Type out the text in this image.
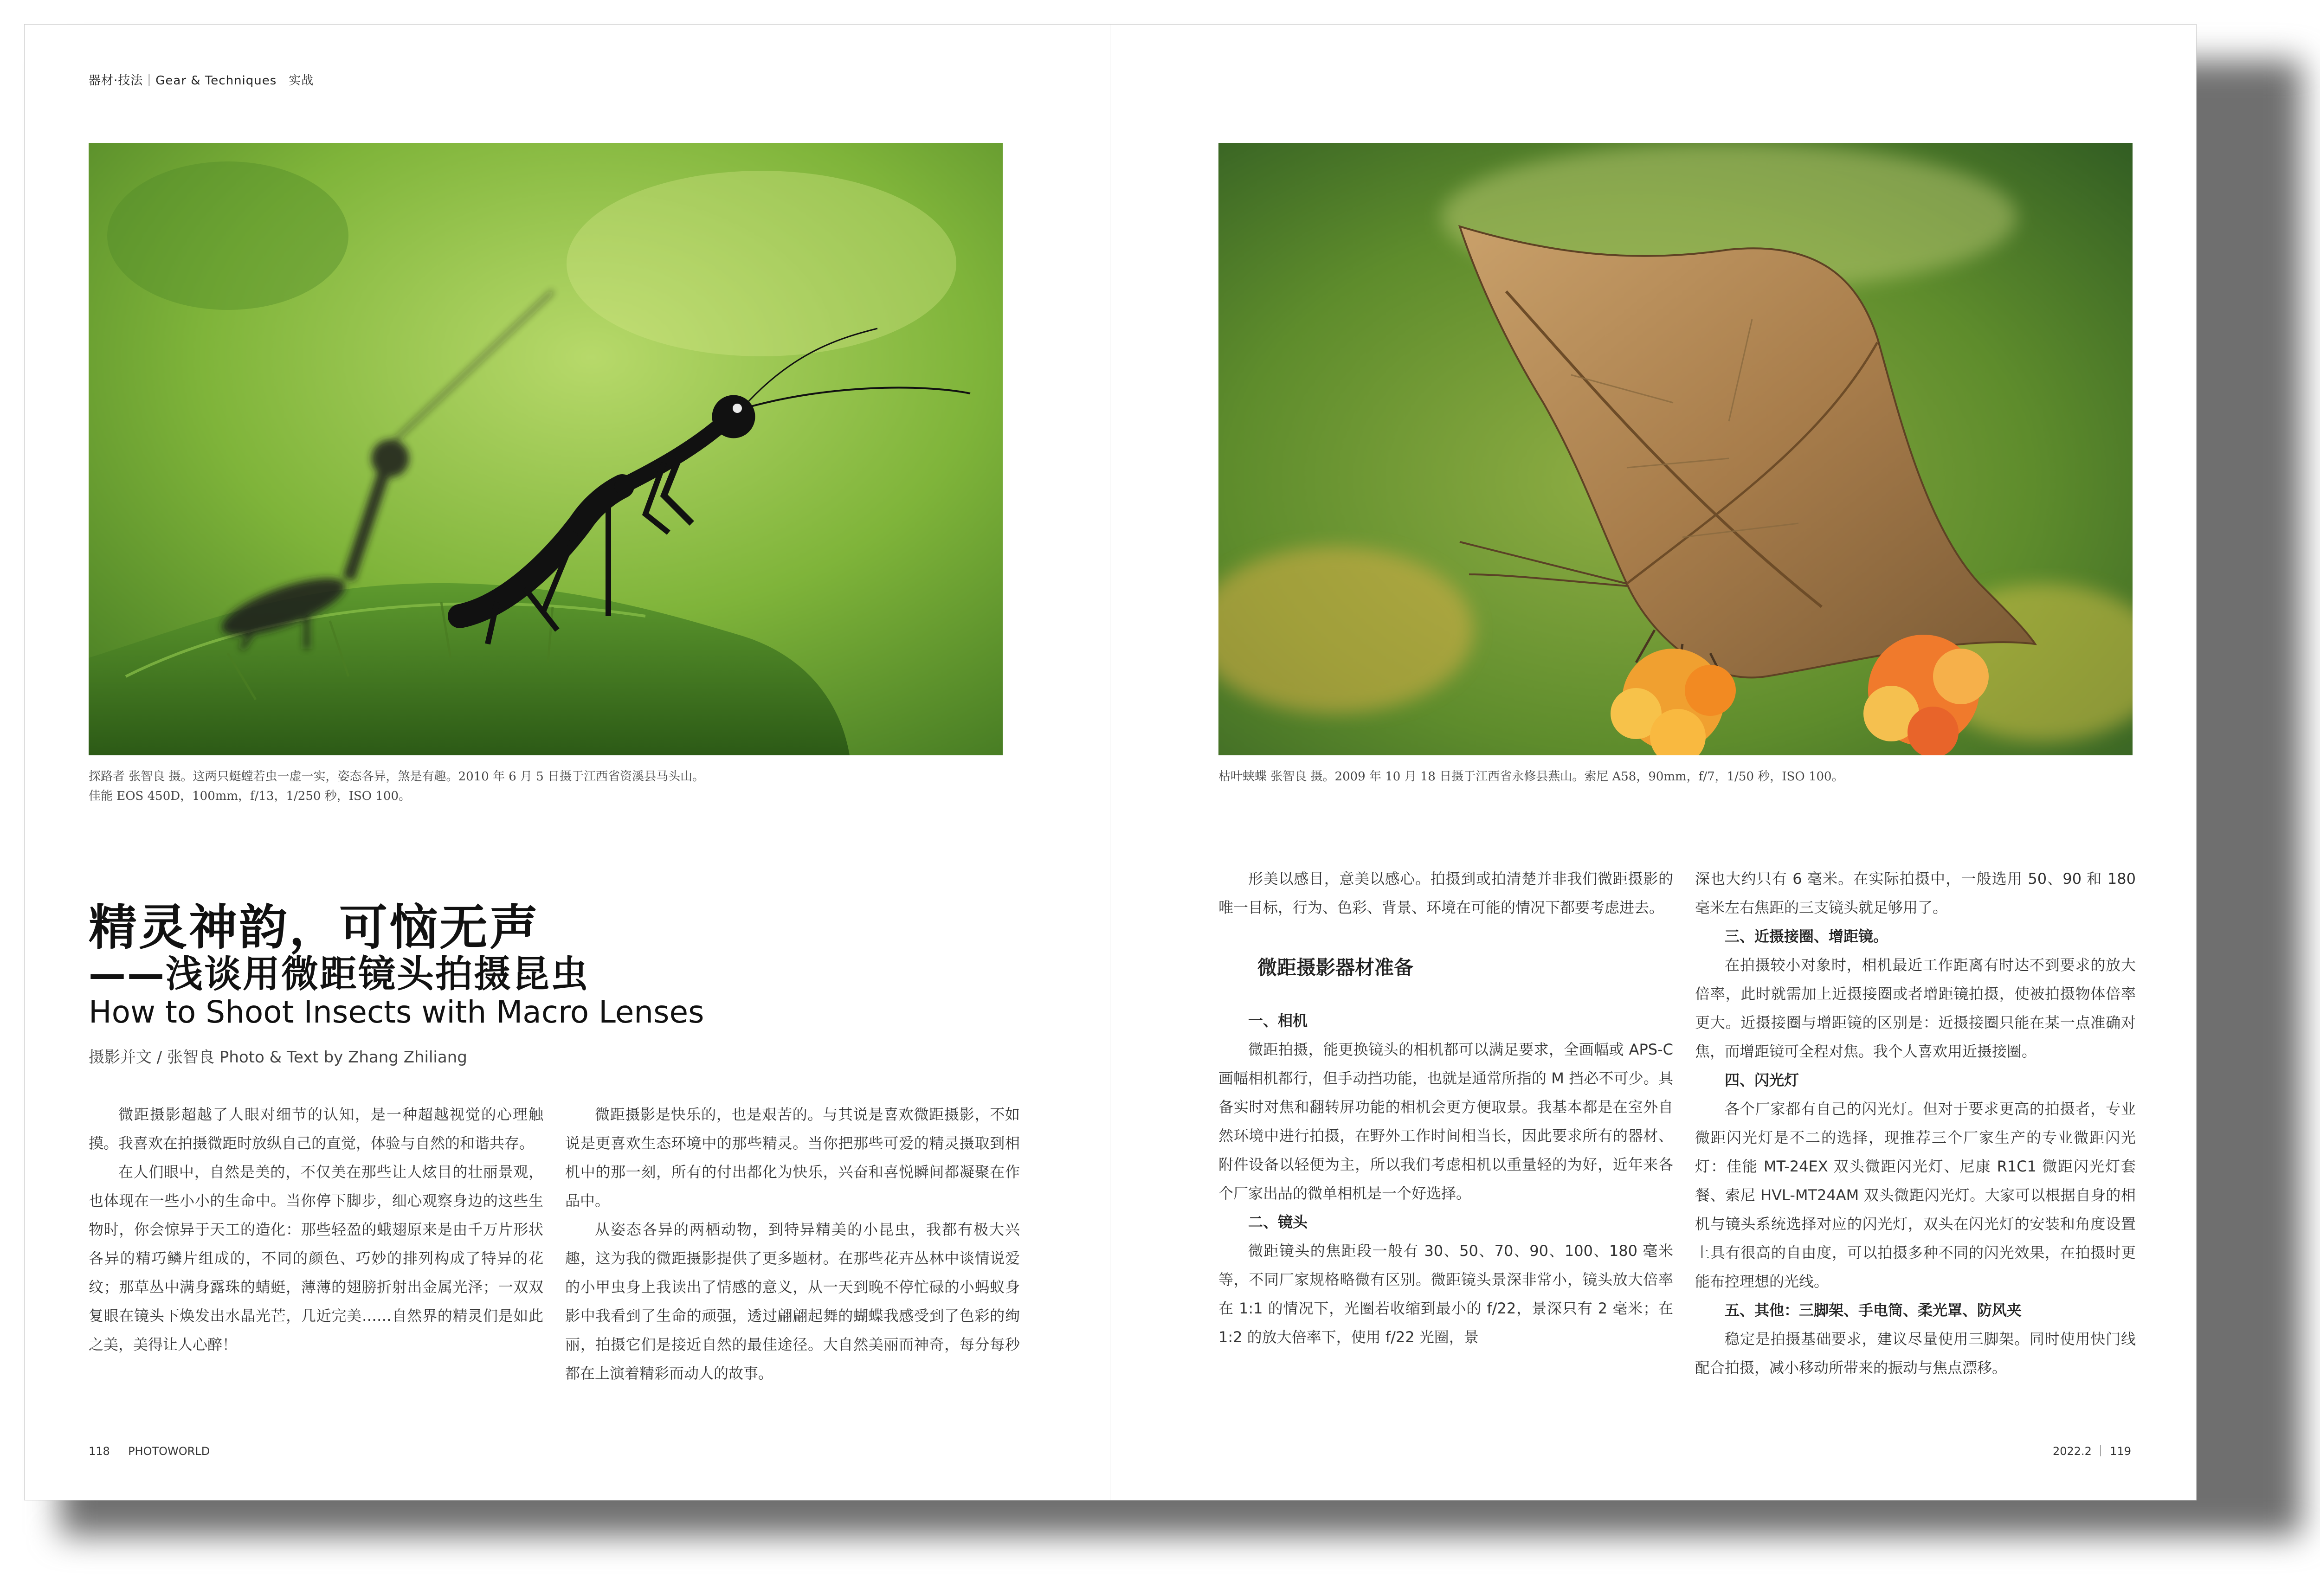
器材·技法｜Gear & Techniques 实战
探路者 张智良 摄。这两只蜓螳若虫一虚一实，姿态各异，煞是有趣。2010 年 6 月 5 日摄于江西省资溪县马头山。
佳能 EOS 450D，100mm，f/13，1/250 秒，ISO 100。
枯叶蛱蝶 张智良 摄。2009 年 10 月 18 日摄于江西省永修县燕山。索尼 A58，90mm，f/7，1/50 秒，ISO 100。
精灵神韵，可恼无声
——浅谈用微距镜头拍摄昆虫
How to Shoot Insects with Macro Lenses
摄影并文 / 张智良 Photo & Text by Zhang Zhiliang

微距摄影超越了人眼对细节的认知，是一种超越视觉的心理触摸。我喜欢在拍摄微距时放纵自己的直觉，体验与自然的和谐共存。

在人们眼中，自然是美的，不仅美在那些让人炫目的壮丽景观，也体现在一些小小的生命中。当你停下脚步，细心观察身边的这些生物时，你会惊异于天工的造化：那些轻盈的蛾翅原来是由千万片形状各异的精巧鳞片组成的，不同的颜色、巧妙的排列构成了特异的花纹；那草丛中满身露珠的蜻蜓，薄薄的翅膀折射出金属光泽；一双双复眼在镜头下焕发出水晶光芒，几近完美……自然界的精灵们是如此之美，美得让人心醉！

微距摄影是快乐的，也是艰苦的。与其说是喜欢微距摄影，不如说是更喜欢生态环境中的那些精灵。当你把那些可爱的精灵摄取到相机中的那一刻，所有的付出都化为快乐，兴奋和喜悦瞬间都凝聚在作品中。

从姿态各异的两栖动物，到特异精美的小昆虫，我都有极大兴趣，这为我的微距摄影提供了更多题材。在那些花卉丛林中谈情说爱的小甲虫身上我读出了情感的意义，从一天到晚不停忙碌的小蚂蚁身影中我看到了生命的顽强，透过翩翩起舞的蝴蝶我感受到了色彩的绚丽，拍摄它们是接近自然的最佳途径。大自然美丽而神奇，每分每秒都在上演着精彩而动人的故事。

形美以感目，意美以感心。拍摄到或拍清楚并非我们微距摄影的唯一目标，行为、色彩、背景、环境在可能的情况下都要考虑进去。

微距摄影器材准备

一、相机

微距拍摄，能更换镜头的相机都可以满足要求，全画幅或 APS-C 画幅相机都行，但手动挡功能，也就是通常所指的 M 挡必不可少。具备实时对焦和翻转屏功能的相机会更方便取景。我基本都是在室外自然环境中进行拍摄，在野外工作时间相当长，因此要求所有的器材、附件设备以轻便为主，所以我们考虑相机以重量轻的为好，近年来各个厂家出品的微单相机是一个好选择。

二、镜头

微距镜头的焦距段一般有 30、50、70、90、100、180 毫米等，不同厂家规格略微有区别。微距镜头景深非常小，镜头放大倍率在 1:1 的情况下，光圈若收缩到最小的 f/22，景深只有 2 毫米；在 1:2 的放大倍率下，使用 f/22 光圈，景

深也大约只有 6 毫米。在实际拍摄中，一般选用 50、90 和 180 毫米左右焦距的三支镜头就足够用了。

三、近摄接圈、增距镜。

在拍摄较小对象时，相机最近工作距离有时达不到要求的放大倍率，此时就需加上近摄接圈或者增距镜拍摄，使被拍摄物体倍率更大。近摄接圈与增距镜的区别是：近摄接圈只能在某一点准确对焦，而增距镜可全程对焦。我个人喜欢用近摄接圈。

四、闪光灯

各个厂家都有自己的闪光灯。但对于要求更高的拍摄者，专业微距闪光灯是不二的选择，现推荐三个厂家生产的专业微距闪光灯：佳能 MT-24EX 双头微距闪光灯、尼康 R1C1 微距闪光灯套餐、索尼 HVL-MT24AM 双头微距闪光灯。大家可以根据自身的相机与镜头系统选择对应的闪光灯，双头在闪光灯的安装和角度设置上具有很高的自由度，可以拍摄多种不同的闪光效果，在拍摄时更能布控理想的光线。

五、其他：三脚架、手电筒、柔光罩、防风夹

稳定是拍摄基础要求，建议尽量使用三脚架。同时使用快门线配合拍摄，减小移动所带来的振动与焦点漂移。

118 ｜ PHOTOWORLD	2022.2 ｜ 119
